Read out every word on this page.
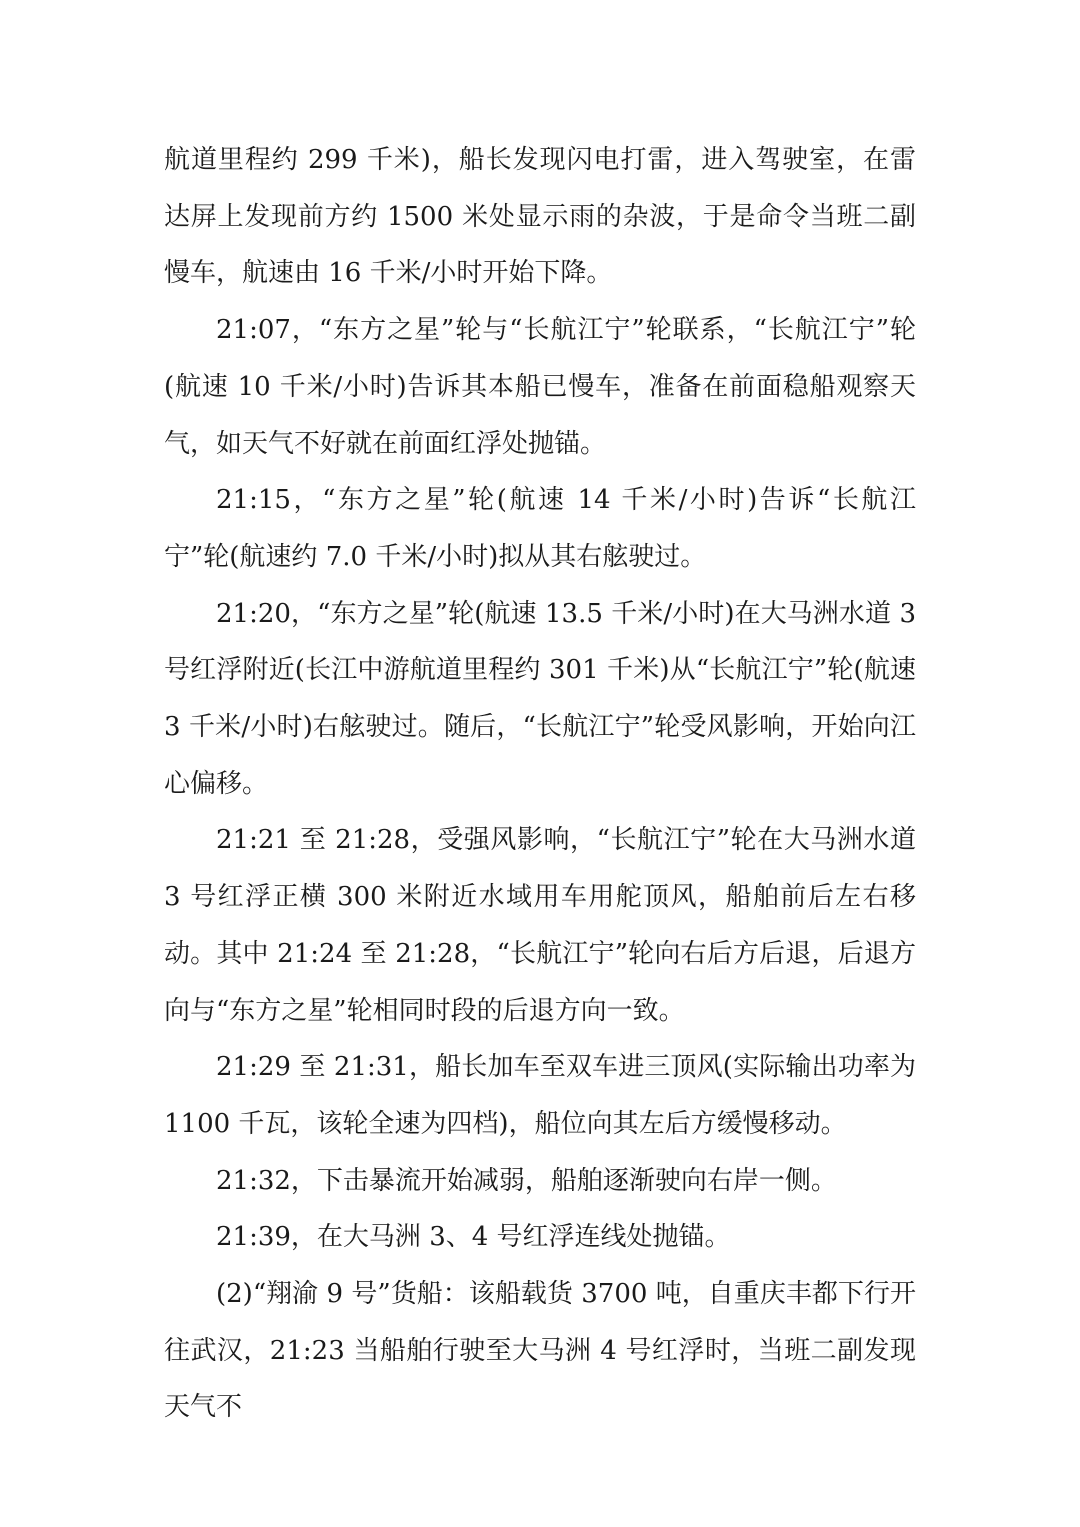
航道里程约 299 千米)，船长发现闪电打雷，进入驾驶室，在雷达屏上发现前方约 1500 米处显示雨的杂波，于是命令当班二副慢车，航速由 16 千米/小时开始下降。

21:07，“东方之星”轮与“长航江宁”轮联系，“长航江宁”轮(航速 10 千米/小时)告诉其本船已慢车，准备在前面稳船观察天气，如天气不好就在前面红浮处抛锚。

21:15，“东方之星”轮(航速 14 千米/小时)告诉“长航江宁”轮(航速约 7.0 千米/小时)拟从其右舷驶过。

21:20，“东方之星”轮(航速 13.5 千米/小时)在大马洲水道 3 号红浮附近(长江中游航道里程约 301 千米)从“长航江宁”轮(航速 3 千米/小时)右舷驶过。随后，“长航江宁”轮受风影响，开始向江心偏移。

21:21 至 21:28，受强风影响，“长航江宁”轮在大马洲水道 3 号红浮正横 300 米附近水域用车用舵顶风，船舶前后左右移动。其中 21:24 至 21:28，“长航江宁”轮向右后方后退，后退方向与“东方之星”轮相同时段的后退方向一致。

21:29 至 21:31，船长加车至双车进三顶风(实际输出功率为 1100 千瓦，该轮全速为四档)，船位向其左后方缓慢移动。

21:32，下击暴流开始减弱，船舶逐渐驶向右岸一侧。

21:39，在大马洲 3、4 号红浮连线处抛锚。

(2)“翔渝 9 号”货船：该船载货 3700 吨，自重庆丰都下行开往武汉，21:23 当船舶行驶至大马洲 4 号红浮时，当班二副发现天气不
